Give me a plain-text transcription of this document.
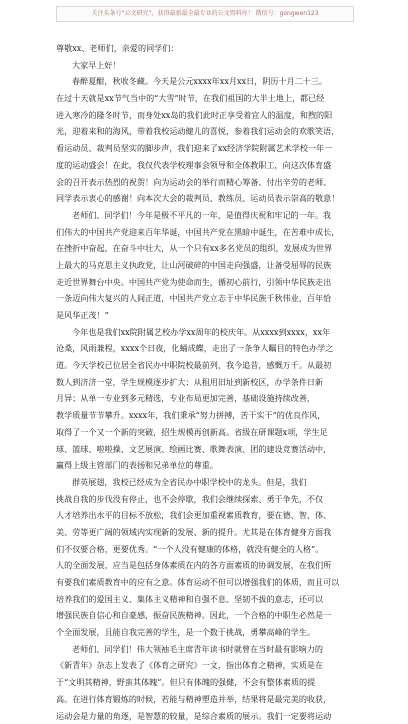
关注头条号“公文研究”，获得最新最全最专业的公文资料库！ 微信号：gongwen123
尊敬xx、老师们，亲爱的同学们：
大家早上好！
春醉夏酣，秋收冬藏。今天是公元xxxx年xx月xx日，阴历十月二十三。
在过十天就是xx节气当中的“大雪”时节，在我们祖国的大半土地上，都已经
进入寒冷的隆冬时节，而身处xx岛的我们此时正享受着宜人的温度，和煦的阳
光，迎着来和的海风，带着我校运动健儿的喜悦，参着我们运动会的欢歌笑语，
看运动员、裁判员坚实的脚步声，我们迎来了xx经济学院附属艺术学校一年一
度的运动盛会！在此，我仅代表学校理事会领导和全体教职工，向这次体育盛
会的召开表示热烈的祝贺！向为运动会的举行而精心筹备、付出辛劳的老师、
同学表示衷心的感谢！向本次大会的裁判员、教练员、运动员表示崇高的敬意！
老师们、同学们！今年是极不平凡的一年，是值得庆祝和牢记的一年。我
们伟大的中国共产党迎来百年华诞，中国共产党在黑暗中诞生，在苦难中成长，
在挫折中奋起，在奋斗中壮大，从一个只有xx多名党员的组织，发展成为世界
上最大的马克思主义执政党，让山河破碎的中国走向强盛，让备受屈辱的民族
走近世界舞台中央。中国共产党为使命而生，循初心前行，引领中华民族走出
一条迈向伟大复兴的人间正道，中国共产党立志于中华民族千秋伟业，百年恰
是风华正茂！”
今年也是我们xx院附属艺校办学xx周年的校庆年。从xxxx到xxxx，xx年
沧桑，风雨兼程，xxxx个日夜，化蛹成蝶，走出了一条争人瞩目的特色办学之
道。今天学校已位居全省民办中职院校最前列，我今追昔，感慨万千。从最初
数人到济济一堂，学生规模逐步扩大；从租用旧址到新校区，办学条件日新
月异；从单一专业到多元精选，专业布局更加完善，基础设施持续改善，
教学质量节节攀升。xxxx年，我们秉承“努力拼搏，苦干实干”的优良作风，
取得了一个又一个新的突破，招生规模再创新高。省级在研课题x项，学生足
球、篮球、啦啦操、文艺展演、绘画比赛、歌舞表演、团的建设竞赛活动中，
赢得上级主管部门的表扬和兄弟单位的尊重。
群英展翅，我校已经成为全省民办中职学校中的龙头。但是，我们
挑战自我的步伐没有停止，也不会停歇，我们会继续探索、勇于争先，不仅
人才培养出水平的目标不放松，我们会更加重视素质教育，要在德、智、体、
美、劳等更广阔的领域内实现新的发展、新的提升。尤其是在体育健身方面我
们不仅要合格，更要优秀。“一个人没有健康的体格，就没有健全的人格”。
人的全面发展，应当是包括身体素质在内的各方面素质的协调发展，在我们所
有要我们素质教育中的应有之意。体育运动不但可以增强我们的体质，而且可以
培养我们的爱国主义、集体主义精神和自强不息、坚韧不拔的意志，还可以
增强民族自信心和自豪感，振奋民族精神。因此，一个合格的中职生必然是一
个全面发展，且能自我完善的学生，是一个数于挑战，勇攀高峰的学生。
老师们、同学们！伟大领袖毛主席青年读书时就曾在当时最有影响力的
《新青年》杂志上发表了《体育之研究》一文，指出体育之精神，实质是在
于“文明其精神，野蛮其体魄”。但只有体魄的强健，不会有整体素质的提
高。在进行体育锻炼的时候，若能与精神塑造并举，结果将是最完美的收获，
运动会是力量的角逐，是智慧的较量，是综合素质的展示。我们一定要将运动
